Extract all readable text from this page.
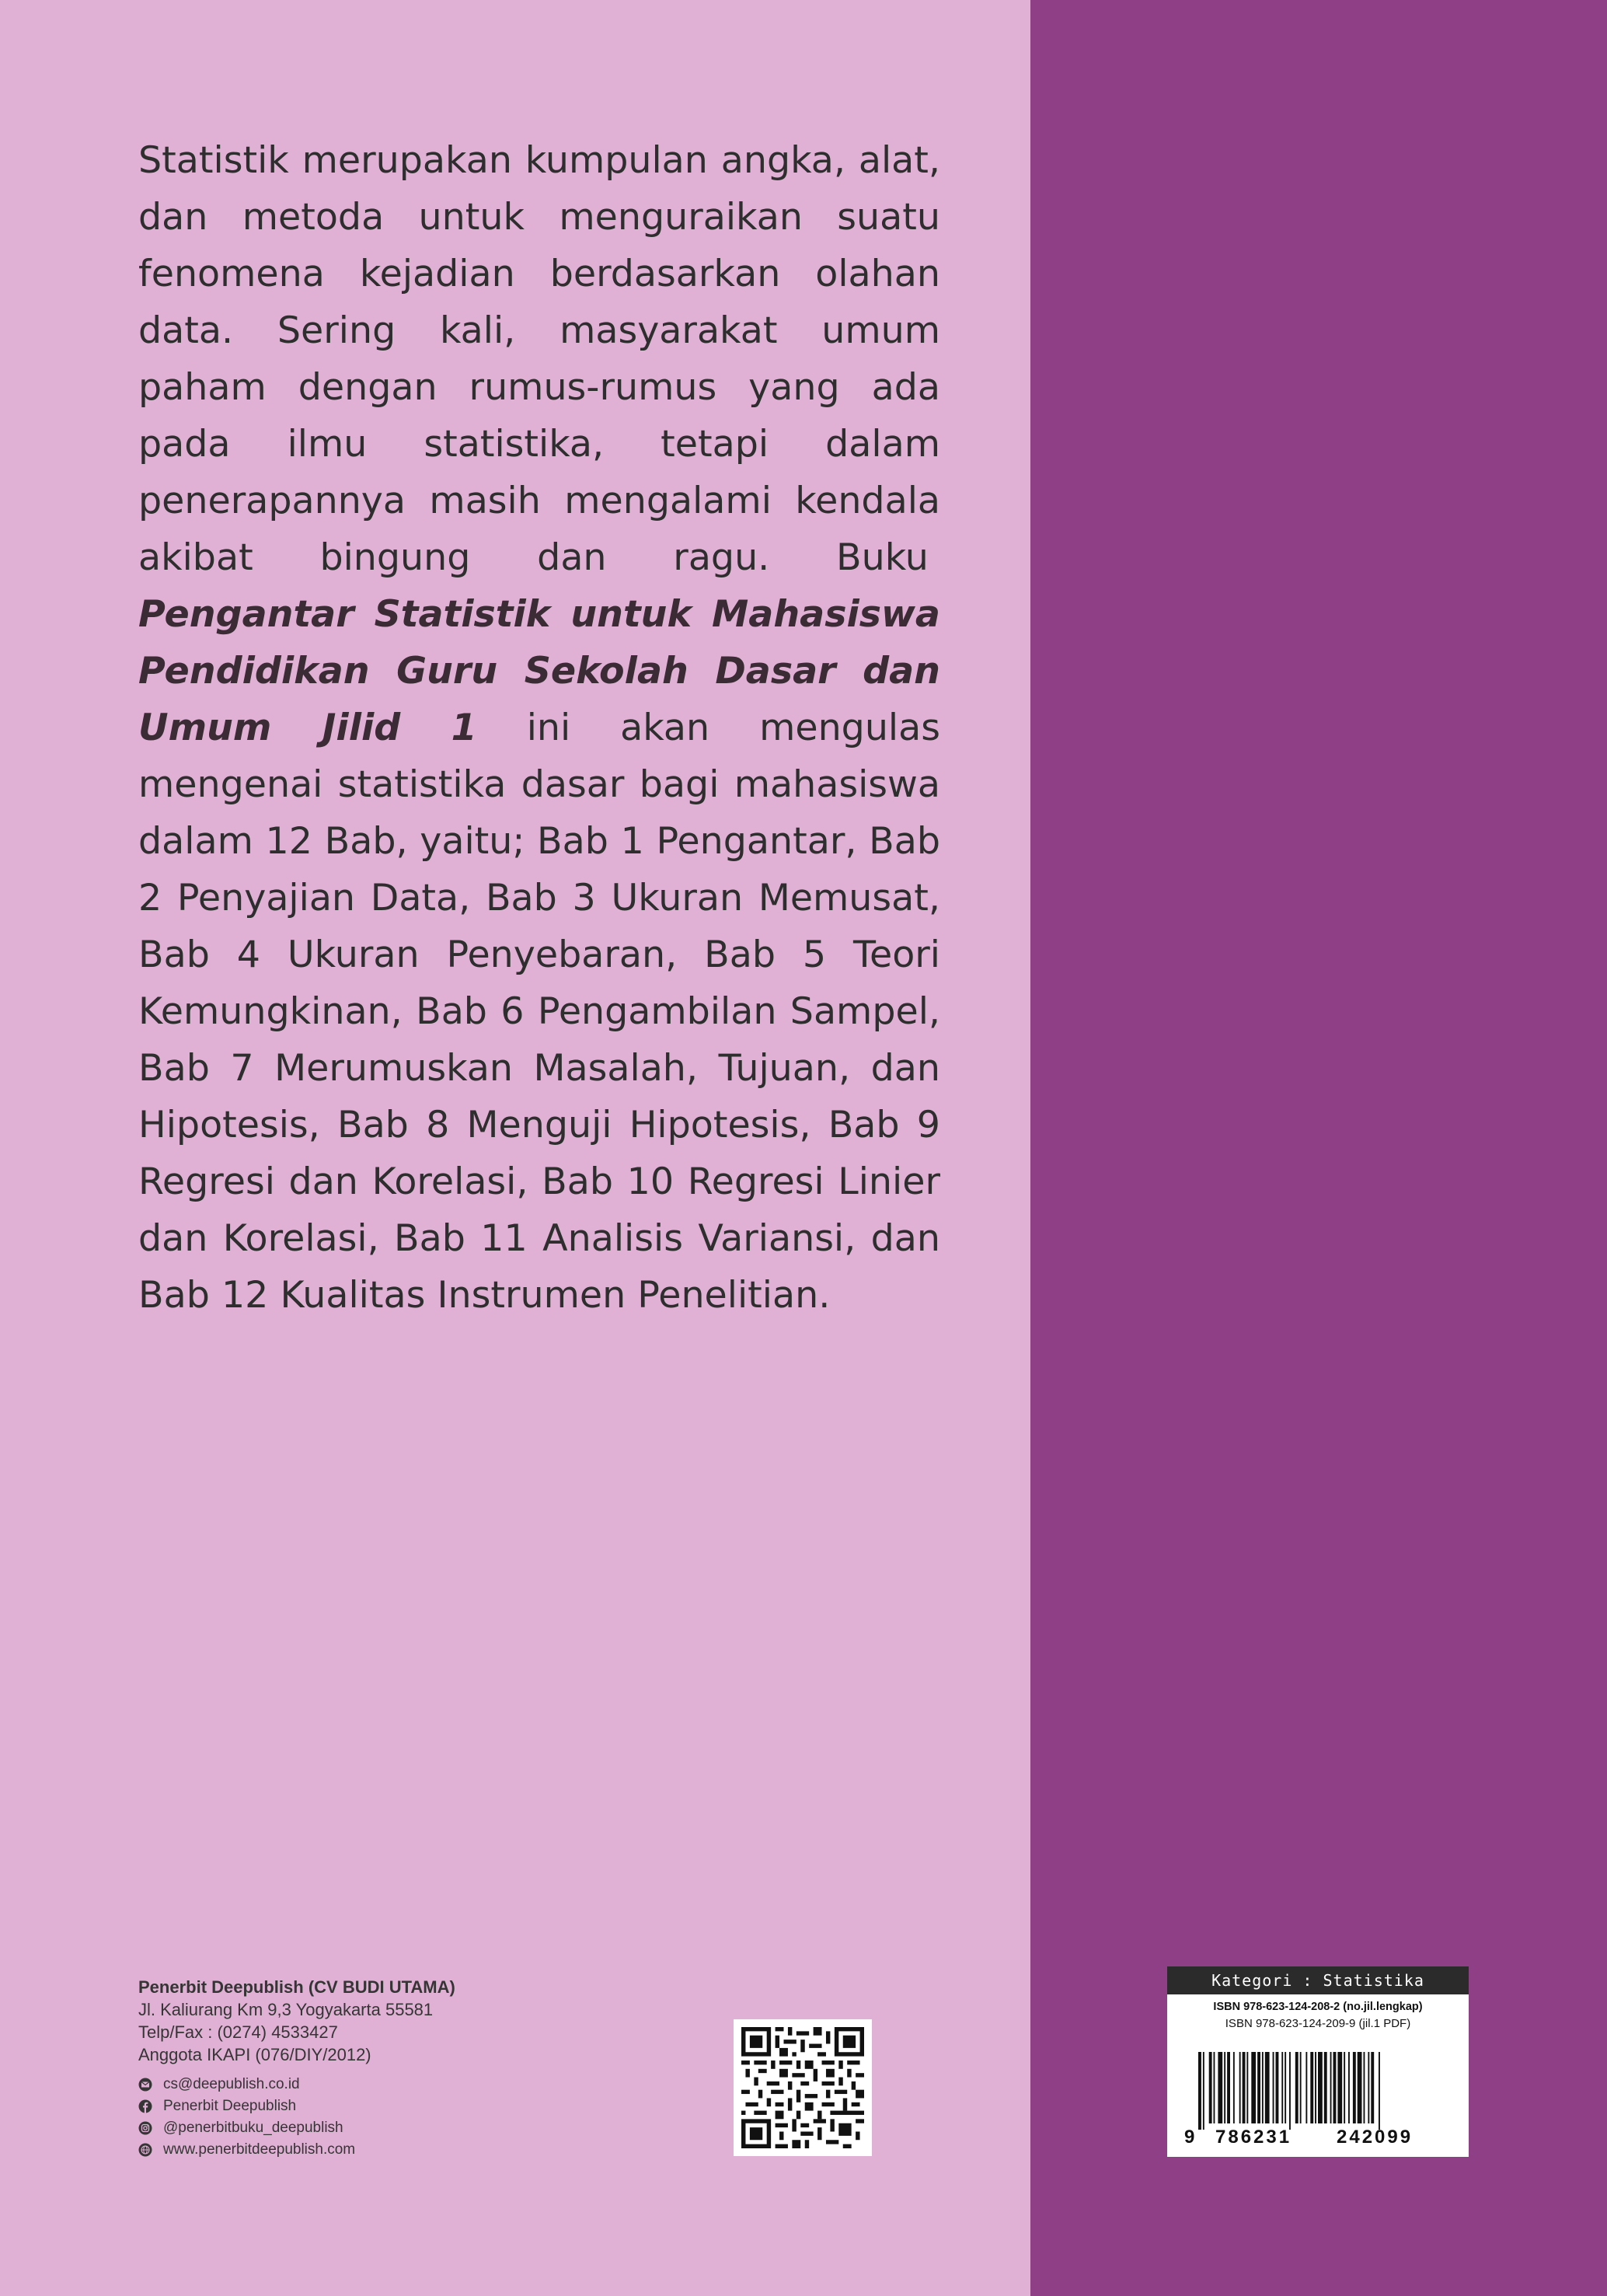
Statistik merupakan kumpulan angka, alat, dan metoda untuk menguraikan suatu fenomena kejadian berdasarkan olahan data. Sering kali, masyarakat umum paham dengan rumus-rumus yang ada pada ilmu statistika, tetapi dalam penerapannya masih mengalami kendala akibat bingung dan ragu. Buku  Pengantar Statistik untuk Mahasiswa Pendidikan Guru Sekolah Dasar dan Umum Jilid 1 ini akan mengulas mengenai statistika dasar bagi mahasiswa dalam 12 Bab, yaitu; Bab 1 Pengantar, Bab 2 Penyajian Data, Bab 3 Ukuran Memusat, Bab 4 Ukuran Penyebaran, Bab 5 Teori Kemungkinan, Bab 6 Pengambilan Sampel, Bab 7 Merumuskan Masalah, Tujuan, dan Hipotesis, Bab 8 Menguji Hipotesis, Bab 9 Regresi dan Korelasi, Bab 10 Regresi Linier dan Korelasi, Bab 11 Analisis Variansi, dan Bab 12 Kualitas Instrumen Penelitian.

Penerbit Deepublish (CV BUDI UTAMA)
Jl. Kaliurang Km 9,3 Yogyakarta 55581
Telp/Fax : (0274) 4533427
Anggota IKAPI (076/DIY/2012)
cs@deepublish.co.id
Penerbit Deepublish
@penerbitbuku_deepublish
www.penerbitdeepublish.com
Kategori : Statistika
ISBN 978-623-124-208-2 (no.jil.lengkap)
ISBN 978-623-124-209-9 (jil.1 PDF)
9 786231 242099
